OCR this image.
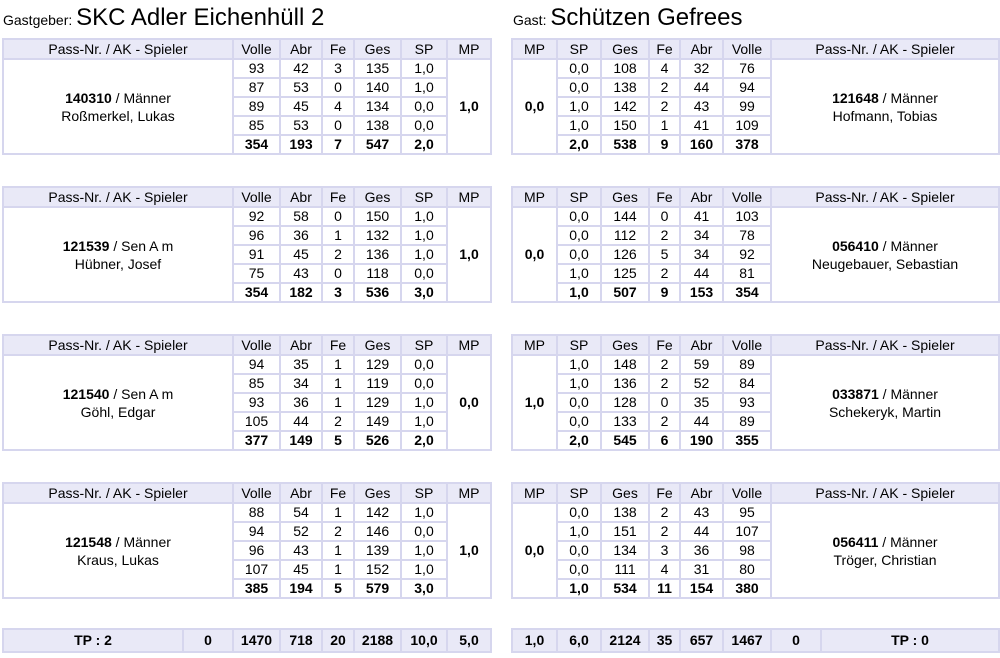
Gastgeber: SKC Adler Eichenhüll 2	Gast: Schützen Gefrees
Pass-Nr. / AK - Spieler	Volle	Abr	Fe	Ges	SP	MP
140310 / Männer
Roßmerkel, Lukas	93	42	3	135	1,0	1,0
	87	53	0	140	1,0	
	89	45	4	134	0,0	
	85	53	0	138	0,0	
	354	193	7	547	2,0	
MP	SP	Ges	Fe	Abr	Volle	Pass-Nr. / AK - Spieler
0,0	0,0	108	4	32	76	121648 / Männer
Hofmann, Tobias
	0,0	138	2	44	94	
	1,0	142	2	43	99	
	1,0	150	1	41	109	
	2,0	538	9	160	378	
Pass-Nr. / AK - Spieler	Volle	Abr	Fe	Ges	SP	MP
121539 / Sen A m
Hübner, Josef	92	58	0	150	1,0	1,0
	96	36	1	132	1,0	
	91	45	2	136	1,0	
	75	43	0	118	0,0	
	354	182	3	536	3,0	
MP	SP	Ges	Fe	Abr	Volle	Pass-Nr. / AK - Spieler
0,0	0,0	144	0	41	103	056410 / Männer
Neugebauer, Sebastian
	0,0	112	2	34	78	
	0,0	126	5	34	92	
	1,0	125	2	44	81	
	1,0	507	9	153	354	
Pass-Nr. / AK - Spieler	Volle	Abr	Fe	Ges	SP	MP
121540 / Sen A m
Göhl, Edgar	94	35	1	129	0,0	0,0
	85	34	1	119	0,0	
	93	36	1	129	1,0	
	105	44	2	149	1,0	
	377	149	5	526	2,0	
MP	SP	Ges	Fe	Abr	Volle	Pass-Nr. / AK - Spieler
1,0	1,0	148	2	59	89	033871 / Männer
Schekeryk, Martin
	1,0	136	2	52	84	
	0,0	128	0	35	93	
	0,0	133	2	44	89	
	2,0	545	6	190	355	
Pass-Nr. / AK - Spieler	Volle	Abr	Fe	Ges	SP	MP
121548 / Männer
Kraus, Lukas	88	54	1	142	1,0	1,0
	94	52	2	146	0,0	
	96	43	1	139	1,0	
	107	45	1	152	1,0	
	385	194	5	579	3,0	
MP	SP	Ges	Fe	Abr	Volle	Pass-Nr. / AK - Spieler
0,0	0,0	138	2	43	95	056411 / Männer
Tröger, Christian
	1,0	151	2	44	107	
	0,0	134	3	36	98	
	0,0	111	4	31	80	
	1,0	534	11	154	380	
TP : 2	0	1470	718	20	2188	10,0	5,0	1,0	6,0	2124	35	657	1467	0	TP : 0
